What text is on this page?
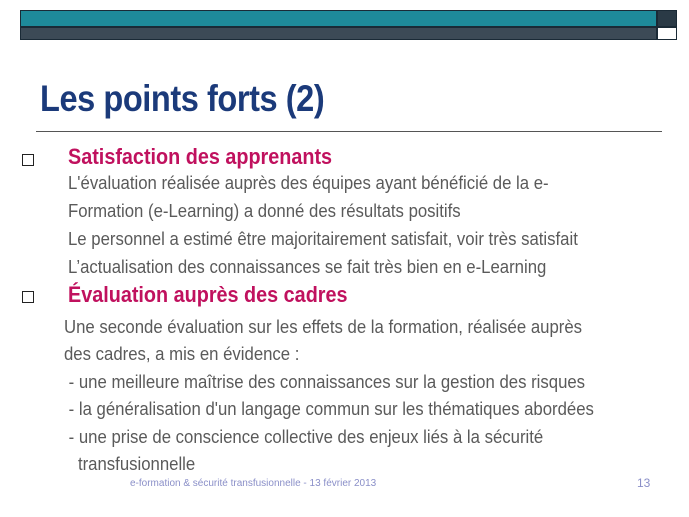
Les points forts (2)
Satisfaction des apprenants
L'évaluation réalisée auprès des équipes ayant bénéficié de la e-
Formation (e-Learning) a donné des résultats positifs
Le personnel a estimé être majoritairement satisfait, voir très satisfait
L’actualisation des connaissances se fait très bien en e-Learning
Évaluation auprès des cadres
Une seconde évaluation sur les effets de la formation, réalisée auprès
des cadres, a mis en évidence :
- une meilleure maîtrise des connaissances sur la gestion des risques
- la généralisation d'un langage commun sur les thématiques abordées
- une prise de conscience collective des enjeux liés à la sécurité
transfusionnelle
e-formation & sécurité transfusionnelle - 13 février 2013	13
